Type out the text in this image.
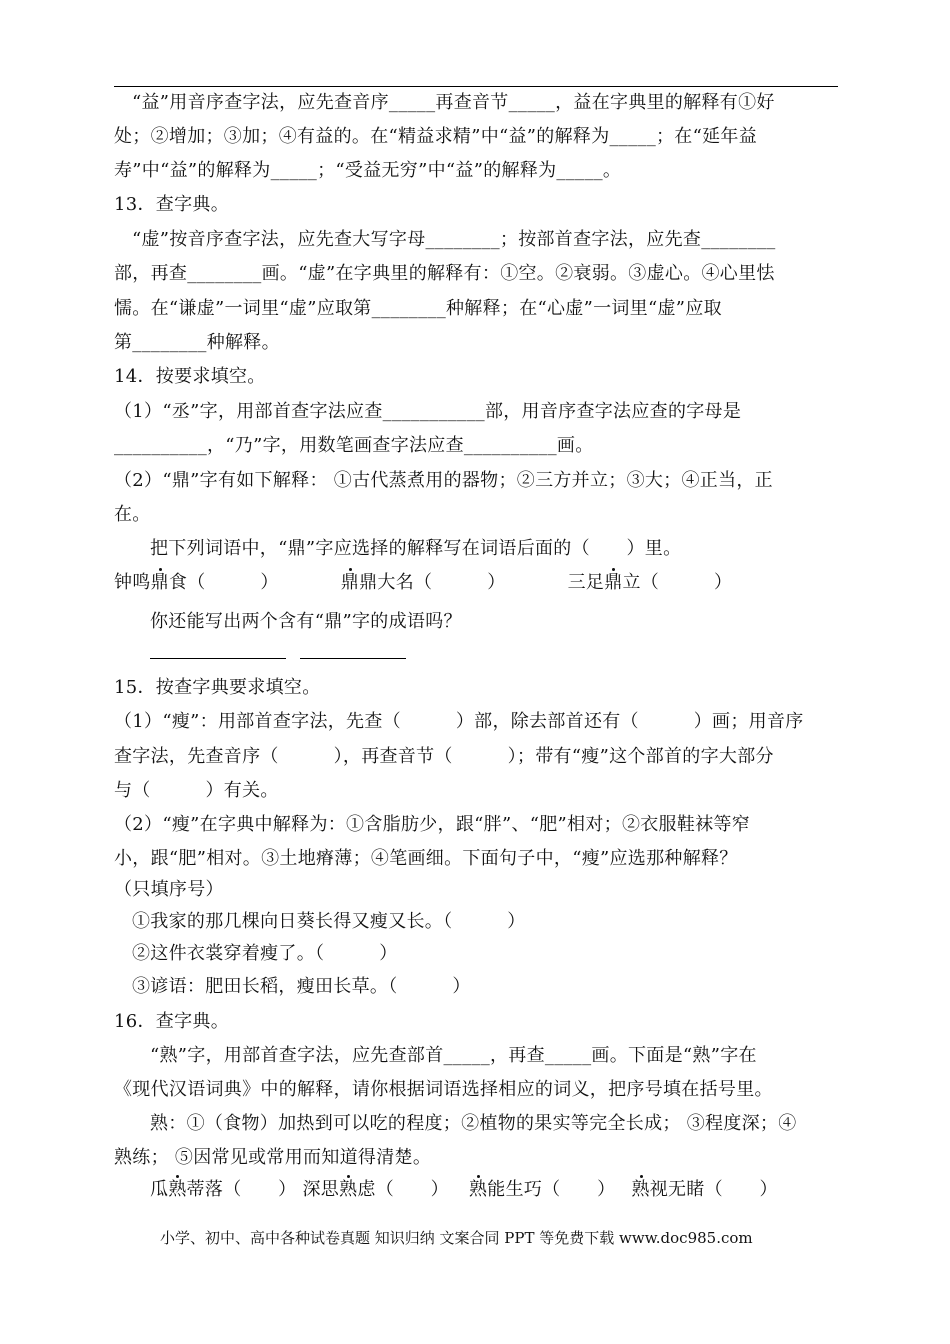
“益”用音序查字法，应先查音序_____再查音节_____，益在字典里的解释有①好
处；②增加；③加；④有益的。在“精益求精”中“益”的解释为_____；在“延年益
寿”中“益”的解释为_____；“受益无穷”中“益”的解释为_____。
13．查字典。
“虚”按音序查字法，应先查大写字母________；按部首查字法，应先查________
部，再查________画。“虚”在字典里的解释有：①空。②衰弱。③虚心。④心里怯
懦。在“谦虚”一词里“虚”应取第________种解释；在“心虚”一词里“虚”应取
第________种解释。
14．按要求填空。
（1）“丞”字，用部首查字法应查___________部，用音序查字法应查的字母是
__________，“乃”字，用数笔画查字法应查__________画。
（2）“鼎”字有如下解释： ①古代蒸煮用的器物；②三方并立；③大；④正当，正
在。
把下列词语中，“鼎”字应选择的解释写在词语后面的（　　）里。
钟鸣鼎食（　　　）	鼎鼎大名（　　　）	三足鼎立（　　　）
你还能写出两个含有“鼎”字的成语吗？
15．按查字典要求填空。
（1）“瘦”：用部首查字法，先查（　　　）部，除去部首还有（　　　）画；用音序
查字法，先查音序（　　　），再查音节（　　　）；带有“瘦”这个部首的字大部分
与（　　　）有关。
（2）“瘦”在字典中解释为：①含脂肪少，跟“胖”、“肥”相对；②衣服鞋袜等窄
小，跟“肥”相对。③土地瘠薄；④笔画细。下面句子中，“瘦”应选那种解释？
（只填序号）
①我家的那几棵向日葵长得又瘦又长。（　　　）
②这件衣裳穿着瘦了。（　　　）
③谚语：肥田长稻，瘦田长草。（　　　）
16．查字典。
“熟”字，用部首查字法，应先查部首_____，再查_____画。下面是“熟”字在
《现代汉语词典》中的解释，请你根据词语选择相应的词义，把序号填在括号里。
熟：①（食物）加热到可以吃的程度；②植物的果实等完全长成； ③程度深；④
熟练； ⑤因常见或常用而知道得清楚。
瓜熟蒂落（　　） 深思熟虑（　　） 熟能生巧（　　） 熟视无睹（　　）
小学、初中、高中各种试卷真题 知识归纳 文案合同 PPT 等免费下载 www.doc985.com
